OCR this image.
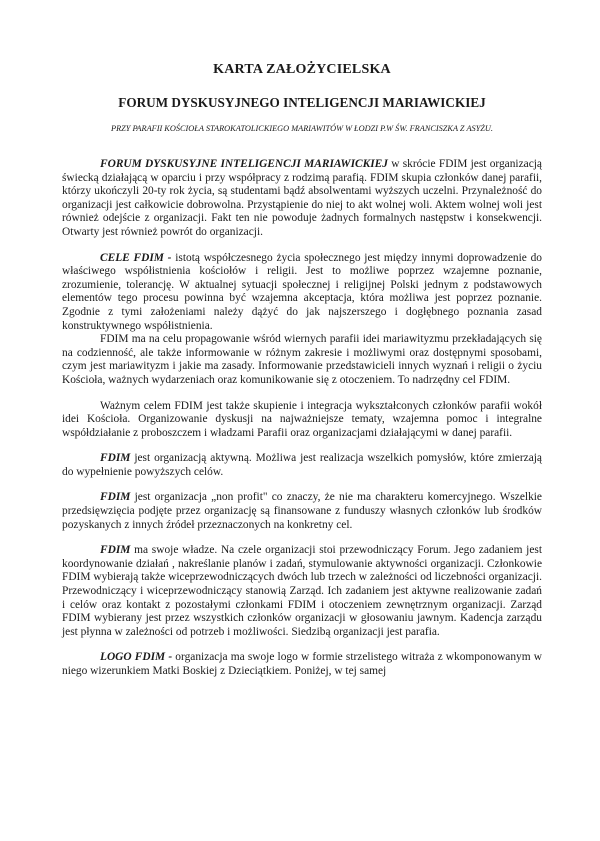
KARTA ZAŁOŻYCIELSKA
FORUM DYSKUSYJNEGO INTELIGENCJI MARIAWICKIEJ

PRZY PARAFII KOŚCIOŁA STAROKATOLICKIEGO MARIAWITÓW W ŁODZI P.W ŚW. FRANCISZKA Z ASYŻU.

FORUM DYSKUSYJNE INTELIGENCJI MARIAWICKIEJ w skrócie FDIM jest organizacją świecką działającą w oparciu i przy współpracy z rodzimą parafią. FDIM skupia członków danej parafii, którzy ukończyli 20-ty rok życia, są studentami bądź absolwentami wyższych uczelni. Przynależność do organizacji jest całkowicie dobrowolna. Przystąpienie do niej to akt wolnej woli. Aktem wolnej woli jest również odejście z organizacji. Fakt ten nie powoduje żadnych formalnych następstw i konsekwencji. Otwarty jest również powrót do organizacji.

CELE FDIM - istotą współczesnego życia społecznego jest między innymi doprowadzenie do właściwego współistnienia kościołów i religii. Jest to możliwe poprzez wzajemne poznanie, zrozumienie, tolerancję. W aktualnej sytuacji społecznej i religijnej Polski jednym z podstawowych elementów tego procesu powinna być wzajemna akceptacja, która możliwa jest poprzez poznanie. Zgodnie z tymi założeniami należy dążyć do jak najszerszego i dogłębnego poznania zasad konstruktywnego współistnienia.

FDIM ma na celu propagowanie wśród wiernych parafii idei mariawityzmu przekładających się na codzienność, ale także informowanie w różnym zakresie i możliwymi oraz dostępnymi sposobami, czym jest mariawityzm i jakie ma zasady. Informowanie przedstawicieli innych wyznań i religii o życiu Kościoła, ważnych wydarzeniach oraz komunikowanie się z otoczeniem. To nadrzędny cel FDIM.

Ważnym celem FDIM jest także skupienie i integracja wykształconych członków parafii wokół idei Kościoła. Organizowanie dyskusji na najważniejsze tematy, wzajemna pomoc i integralne współdziałanie z proboszczem i władzami Parafii oraz organizacjami działającymi w danej parafii.

FDIM jest organizacją aktywną. Możliwa jest realizacja wszelkich pomysłów, które zmierzają do wypełnienie powyższych celów.

FDIM jest organizacja „non profit" co znaczy, że nie ma charakteru komercyjnego. Wszelkie przedsięwzięcia podjęte przez organizację są finansowane z funduszy własnych członków lub środków pozyskanych z innych źródeł przeznaczonych na konkretny cel.

FDIM ma swoje władze. Na czele organizacji stoi przewodniczący Forum. Jego zadaniem jest koordynowanie działań , nakreślanie planów i zadań, stymulowanie aktywności organizacji. Członkowie FDIM wybierają także wiceprzewodniczących dwóch lub trzech w zależności od liczebności organizacji. Przewodniczący i wiceprzewodniczący stanowią Zarząd. Ich zadaniem jest aktywne realizowanie zadań i celów oraz kontakt z pozostałymi członkami FDIM i otoczeniem zewnętrznym organizacji. Zarząd FDIM wybierany jest przez wszystkich członków organizacji w głosowaniu jawnym. Kadencja zarządu jest płynna w zależności od potrzeb i możliwości. Siedzibą organizacji jest parafia.

LOGO FDIM - organizacja ma swoje logo w formie strzelistego witraża z wkomponowanym w niego wizerunkiem Matki Boskiej z Dzieciątkiem. Poniżej, w tej samej
